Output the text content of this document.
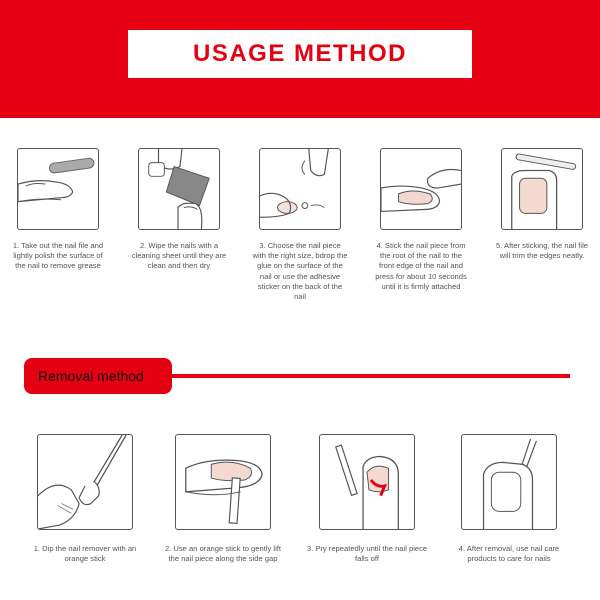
USAGE METHOD
1. Take out the nail file and lightly polish the surface of the nail to remove grease
2. Wipe the nails with a cleaning sheet until they are clean and then dry
3. Choose the nail piece with the right size, bdrop the glue on the surface of the nail or use the adhesive sticker on the back of the nail
4. Stick the nail piece from the root of the nail to the front edge of the nail and press for about 10 seconds until it is firmly attached
5. After sticking, the nail file will trim the edges neatly.
Removal method
1. Dip the nail remover with an orange stick
2. Use an orange stick to gently lift the nail piece along the side gap
3. Pry repeatedly until the nail piece falls off
4. After removal, use nail care products to care for nails
